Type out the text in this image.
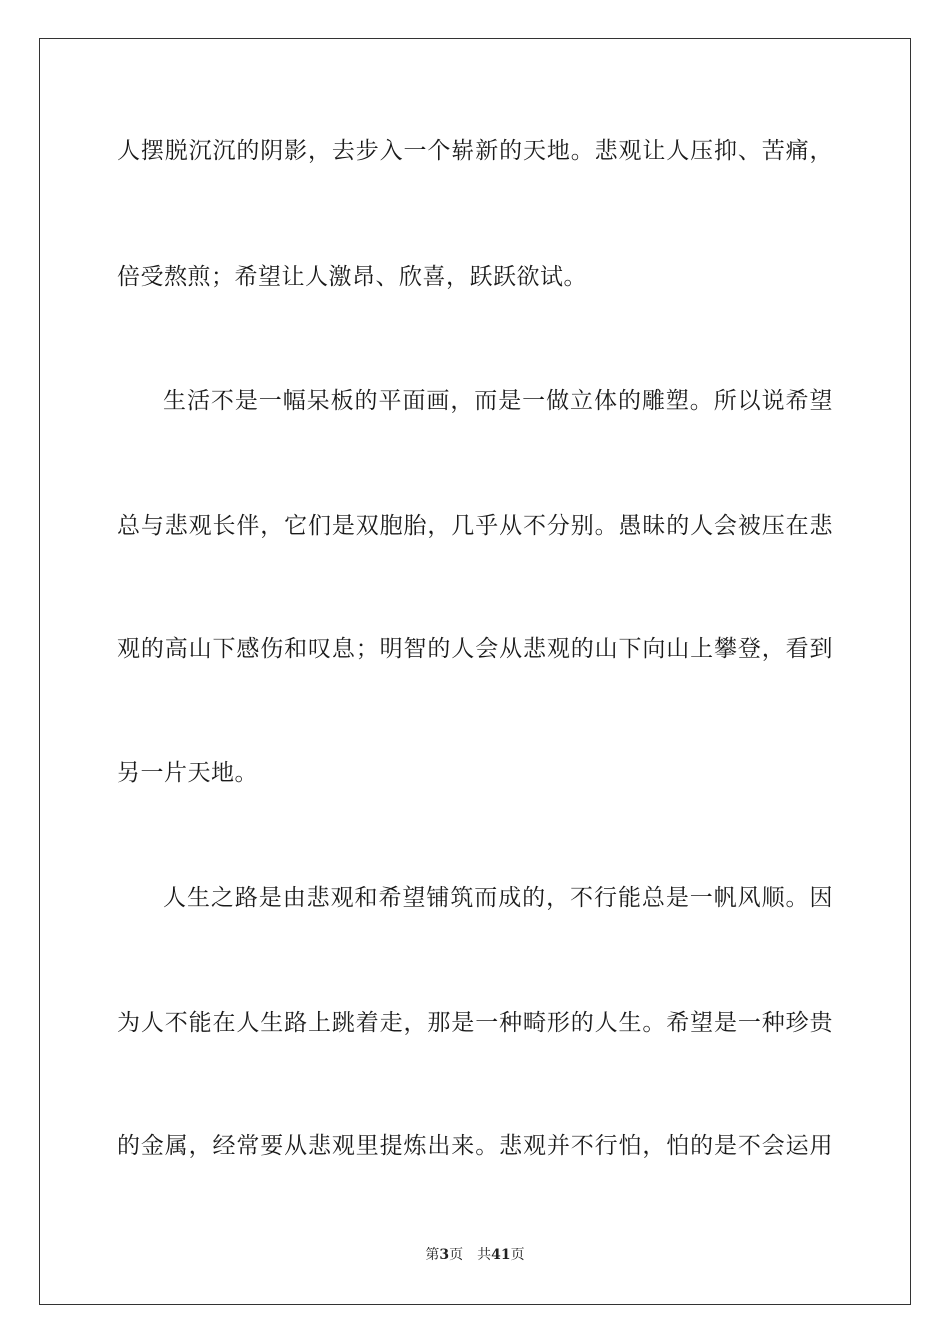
人摆脱沉沉的阴影，去步入一个崭新的天地。悲观让人压抑、苦痛，
倍受熬煎；希望让人激昂、欣喜，跃跃欲试。
生活不是一幅呆板的平面画，而是一做立体的雕塑。所以说希望
总与悲观长伴，它们是双胞胎，几乎从不分别。愚昧的人会被压在悲
观的高山下感伤和叹息；明智的人会从悲观的山下向山上攀登，看到
另一片天地。
人生之路是由悲观和希望铺筑而成的，不行能总是一帆风顺。因
为人不能在人生路上跳着走，那是一种畸形的人生。希望是一种珍贵
的金属，经常要从悲观里提炼出来。悲观并不行怕，怕的是不会运用
第3页 共41页
